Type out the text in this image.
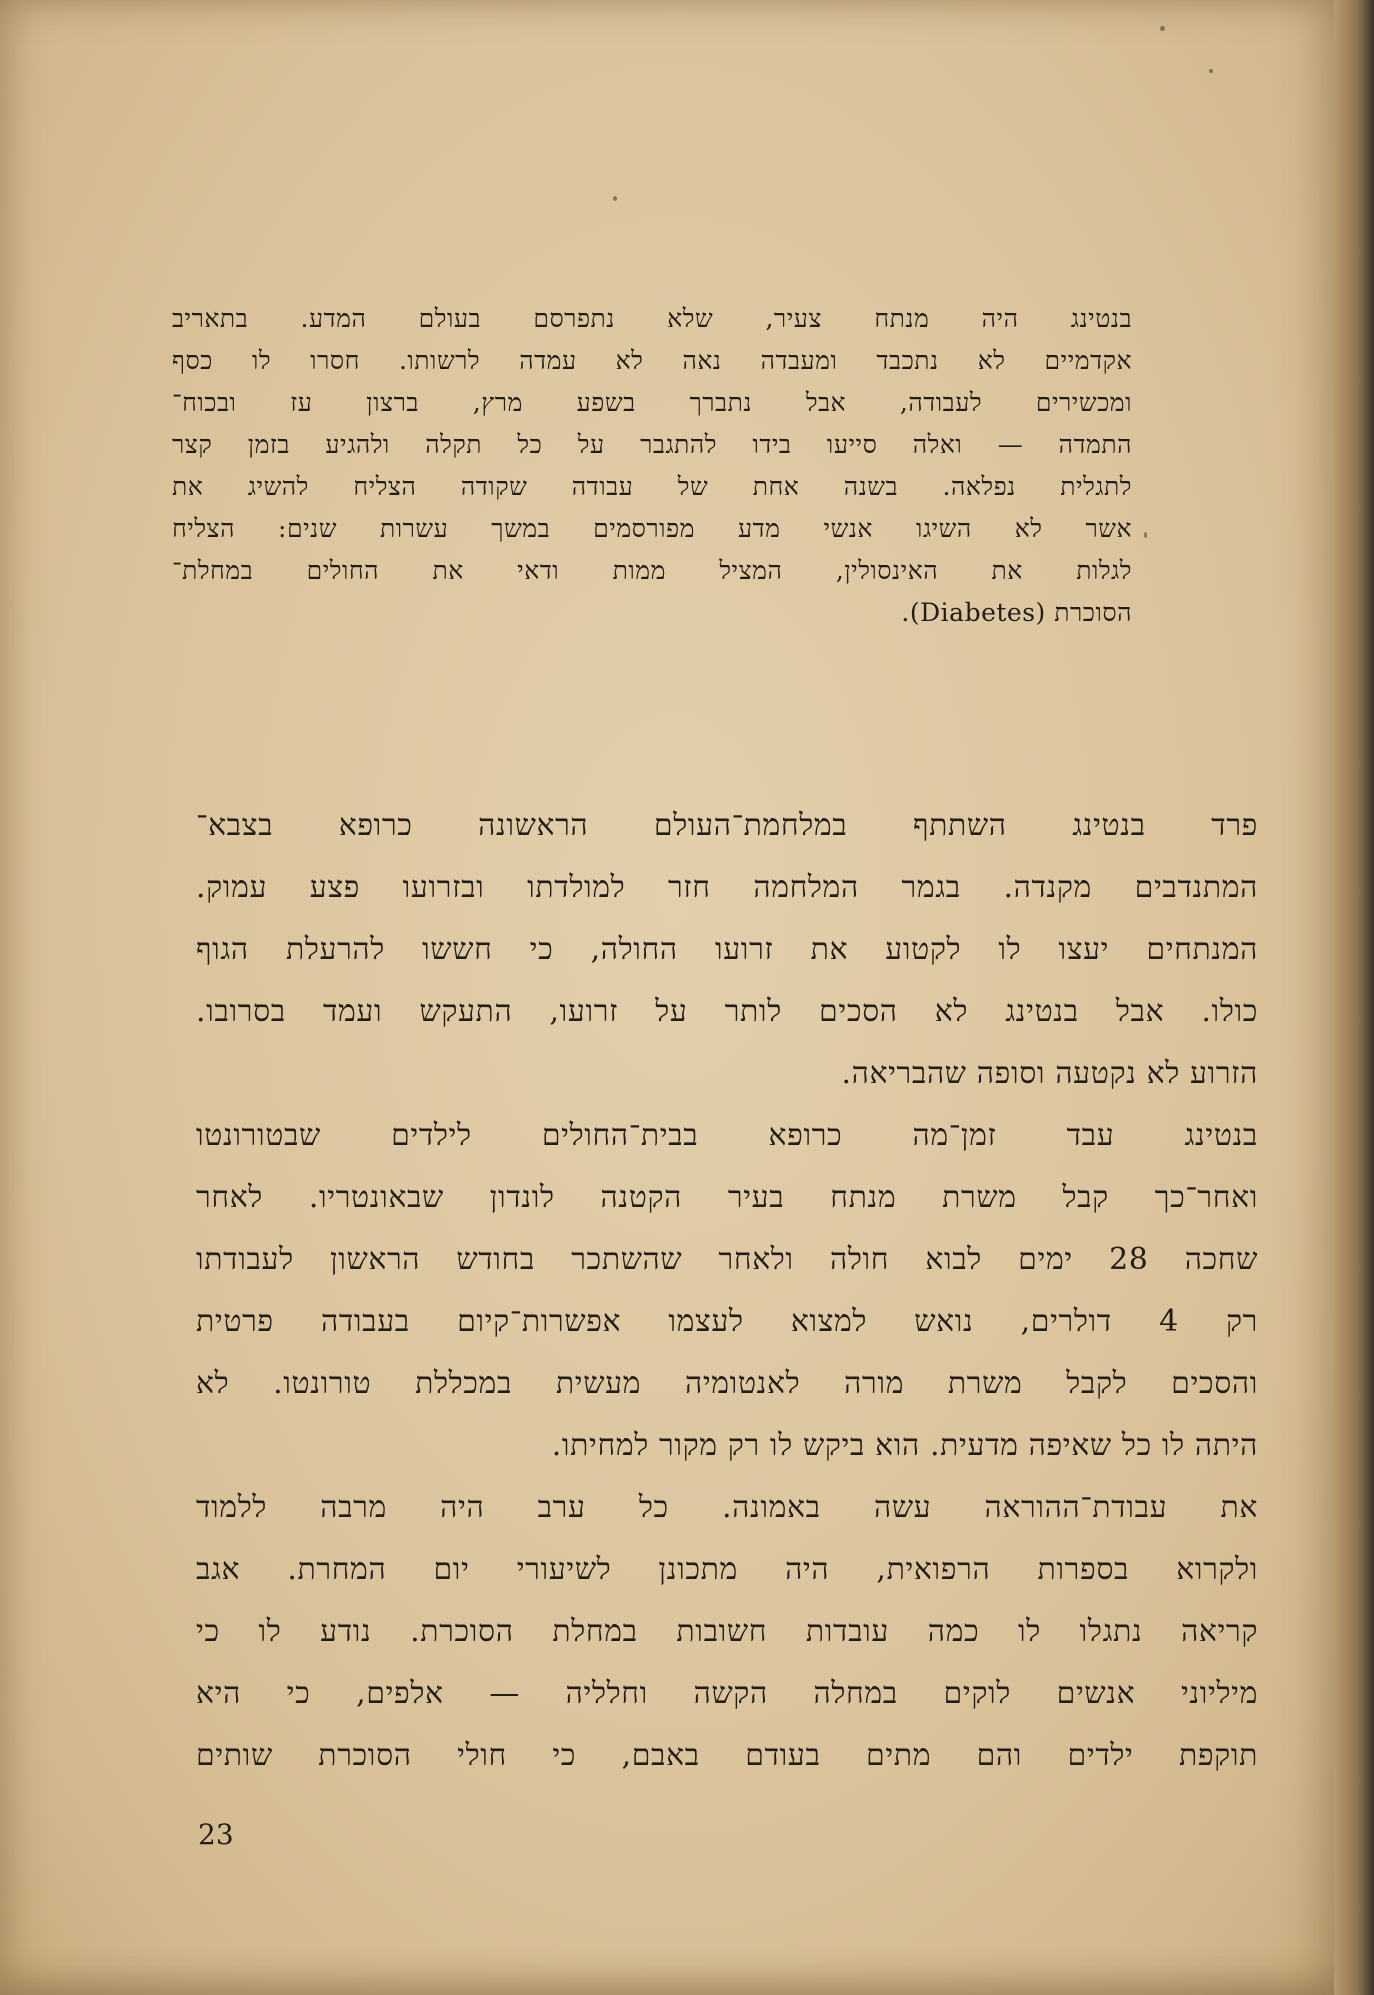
בנטינג היה מנתח צעיר, שלא נתפרסם בעולם המדע. בתאריב
אקדמיים לא נתכבד ומעבדה נאה לא עמדה לרשותו. חסרו לו כסף
ומכשירים לעבודה, אבל נתברך בשפע מרץ, ברצון עז ובכוח־
התמדה — ואלה סייעו בידו להתגבר על כל תקלה ולהגיע בזמן קצר
לתגלית נפלאה. בשנה אחת של עבודה שקודה הצליח להשיג את
אשר לא השיגו אנשי מדע מפורסמים במשך עשרות שנים: הצליח
לגלות את האינסולין, המציל ממות ודאי את החולים במחלת־
הסוכרת (Diabetes).
פרד בנטינג השתתף במלחמת־העולם הראשונה כרופא בצבא־
המתנדבים מקנדה. בגמר המלחמה חזר למולדתו ובזרועו פצע עמוק.
המנתחים יעצו לו לקטוע את זרועו החולה, כי חששו להרעלת הגוף
כולו. אבל בנטינג לא הסכים לותר על זרועו, התעקש ועמד בסרובו.
הזרוע לא נקטעה וסופה שהבריאה.
בנטינג עבד זמן־מה כרופא בבית־החולים לילדים שבטורונטו
ואחר־כך קבל משרת מנתח בעיר הקטנה לונדון שבאונטריו. לאחר
שחכה 28 ימים לבוא חולה ולאחר שהשתכר בחודש הראשון לעבודתו
רק 4 דולרים, נואש למצוא לעצמו אפשרות־קיום בעבודה פרטית
והסכים לקבל משרת מורה לאנטומיה מעשית במכללת טורונטו. לא
היתה לו כל שאיפה מדעית. הוא ביקש לו רק מקור למחיתו.
את עבודת־ההוראה עשה באמונה. כל ערב היה מרבה ללמוד
ולקרוא בספרות הרפואית, היה מתכונן לשיעורי יום המחרת. אגב
קריאה נתגלו לו כמה עובדות חשובות במחלת הסוכרת. נודע לו כי
מיליוני אנשים לוקים במחלה הקשה וחלליה — אלפים, כי היא
תוקפת ילדים והם מתים בעודם באבם, כי חולי הסוכרת שותים
23
